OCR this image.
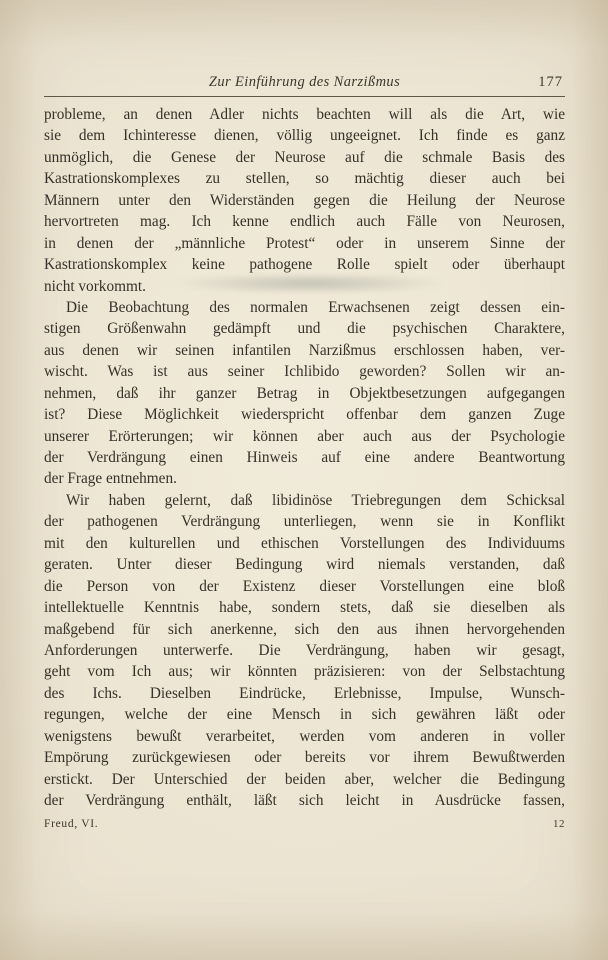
Zur Einführung des Narzißmus	177
probleme, an denen Adler nichts beachten will als die Art, wie
sie dem Ichinteresse dienen, völlig ungeeignet. Ich finde es ganz
unmöglich, die Genese der Neurose auf die schmale Basis des
Kastrationskomplexes zu stellen, so mächtig dieser auch bei
Männern unter den Widerständen gegen die Heilung der Neurose
hervortreten mag. Ich kenne endlich auch Fälle von Neurosen,
in denen der „männliche Protest“ oder in unserem Sinne der
Kastrationskomplex keine pathogene Rolle spielt oder überhaupt
nicht vorkommt.
Die Beobachtung des normalen Erwachsenen zeigt dessen ein-
stigen Größenwahn gedämpft und die psychischen Charaktere,
aus denen wir seinen infantilen Narzißmus erschlossen haben, ver-
wischt. Was ist aus seiner Ichlibido geworden? Sollen wir an-
nehmen, daß ihr ganzer Betrag in Objektbesetzungen aufgegangen
ist? Diese Möglichkeit wiederspricht offenbar dem ganzen Zuge
unserer Erörterungen; wir können aber auch aus der Psychologie
der Verdrängung einen Hinweis auf eine andere Beantwortung
der Frage entnehmen.
Wir haben gelernt, daß libidinöse Triebregungen dem Schicksal
der pathogenen Verdrängung unterliegen, wenn sie in Konflikt
mit den kulturellen und ethischen Vorstellungen des Individuums
geraten. Unter dieser Bedingung wird niemals verstanden, daß
die Person von der Existenz dieser Vorstellungen eine bloß
intellektuelle Kenntnis habe, sondern stets, daß sie dieselben als
maßgebend für sich anerkenne, sich den aus ihnen hervorgehenden
Anforderungen unterwerfe. Die Verdrängung, haben wir gesagt,
geht vom Ich aus; wir könnten präzisieren: von der Selbstachtung
des Ichs. Dieselben Eindrücke, Erlebnisse, Impulse, Wunsch-
regungen, welche der eine Mensch in sich gewähren läßt oder
wenigstens bewußt verarbeitet, werden vom anderen in voller
Empörung zurückgewiesen oder bereits vor ihrem Bewußtwerden
erstickt. Der Unterschied der beiden aber, welcher die Bedingung
der Verdrängung enthält, läßt sich leicht in Ausdrücke fassen,
Freud, VI.	12
